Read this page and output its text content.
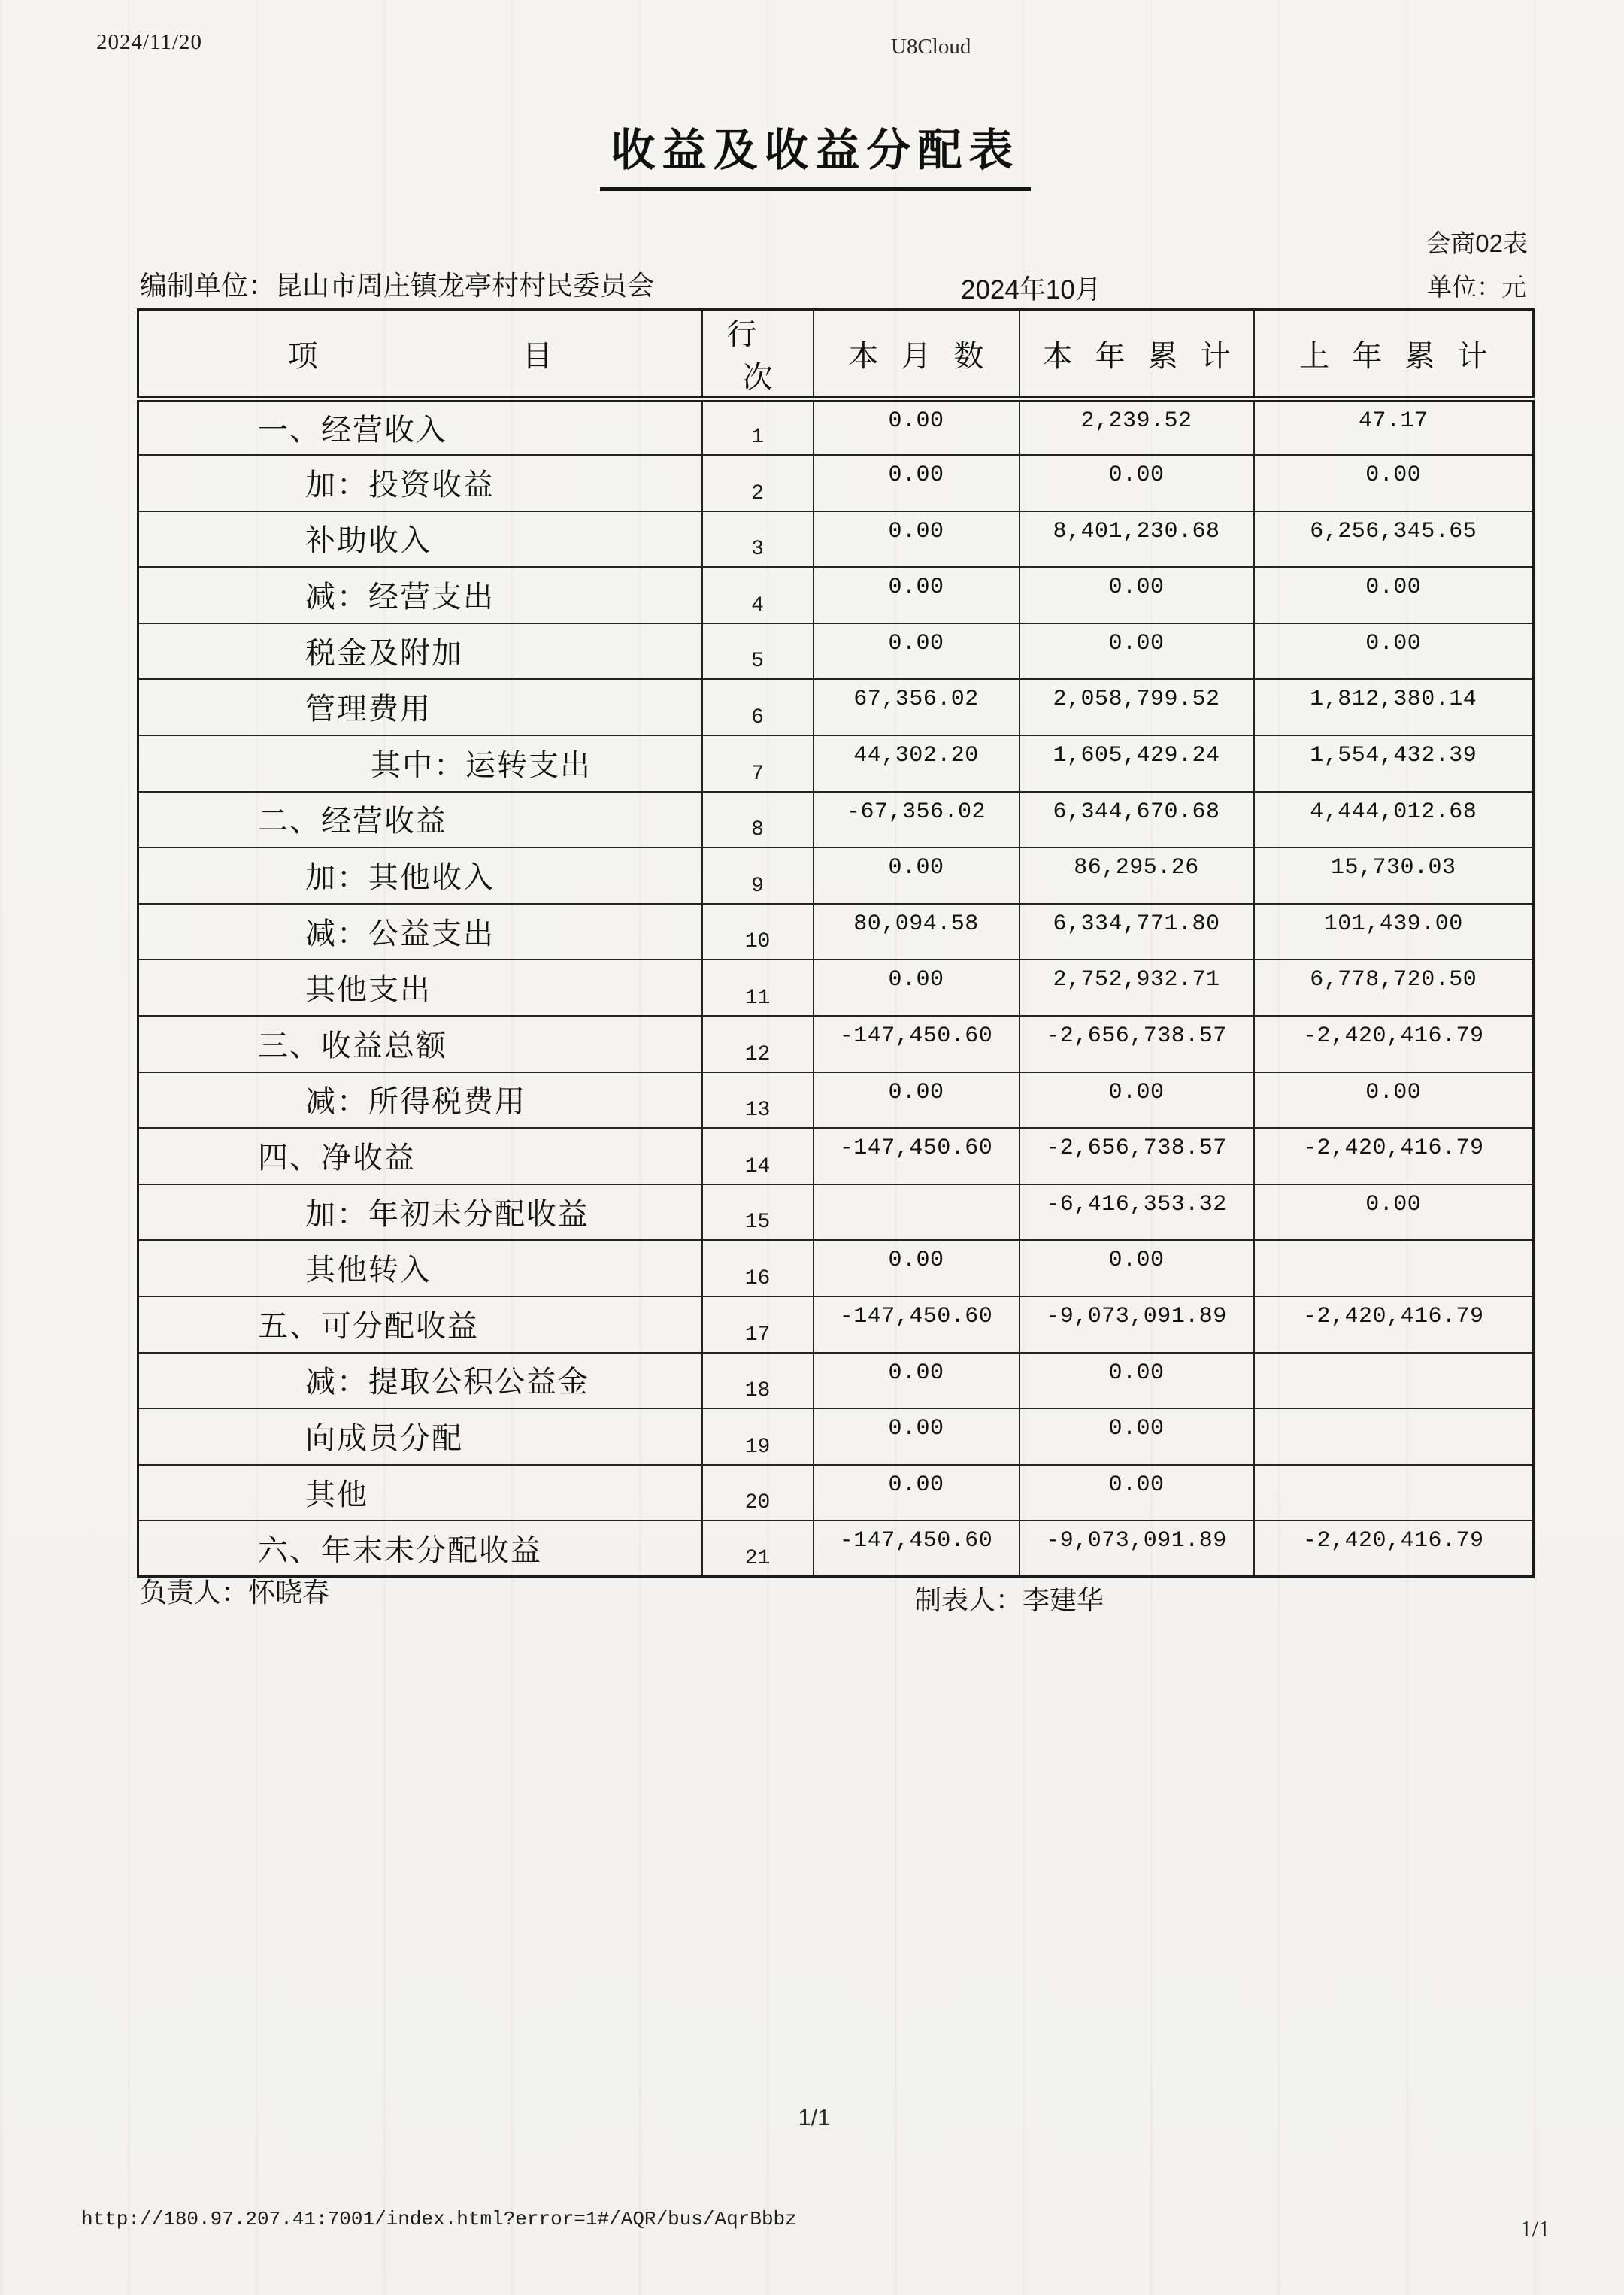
2024/11/20	U8Cloud
收益及收益分配表
会商02表
编制单位：昆山市周庄镇龙亭村村民委员会	2024年10月	单位：元
项目	行次	本月数	本年累计	上年累计
一、经营收入	1	0.00	2,239.52	47.17
加：投资收益	2	0.00	0.00	0.00
补助收入	3	0.00	8,401,230.68	6,256,345.65
减：经营支出	4	0.00	0.00	0.00
税金及附加	5	0.00	0.00	0.00
管理费用	6	67,356.02	2,058,799.52	1,812,380.14
其中：运转支出	7	44,302.20	1,605,429.24	1,554,432.39
二、经营收益	8	-67,356.02	6,344,670.68	4,444,012.68
加：其他收入	9	0.00	86,295.26	15,730.03
减：公益支出	10	80,094.58	6,334,771.80	101,439.00
其他支出	11	0.00	2,752,932.71	6,778,720.50
三、收益总额	12	-147,450.60	-2,656,738.57	-2,420,416.79
减：所得税费用	13	0.00	0.00	0.00
四、净收益	14	-147,450.60	-2,656,738.57	-2,420,416.79
加：年初未分配收益	15		-6,416,353.32	0.00
其他转入	16	0.00	0.00	
五、可分配收益	17	-147,450.60	-9,073,091.89	-2,420,416.79
减：提取公积公益金	18	0.00	0.00	
向成员分配	19	0.00	0.00	
其他	20	0.00	0.00	
六、年末未分配收益	21	-147,450.60	-9,073,091.89	-2,420,416.79
负责人：怀晓春	制表人：李建华
1/1
http://180.97.207.41:7001/index.html?error=1#/AQR/bus/AqrBbbz	1/1
